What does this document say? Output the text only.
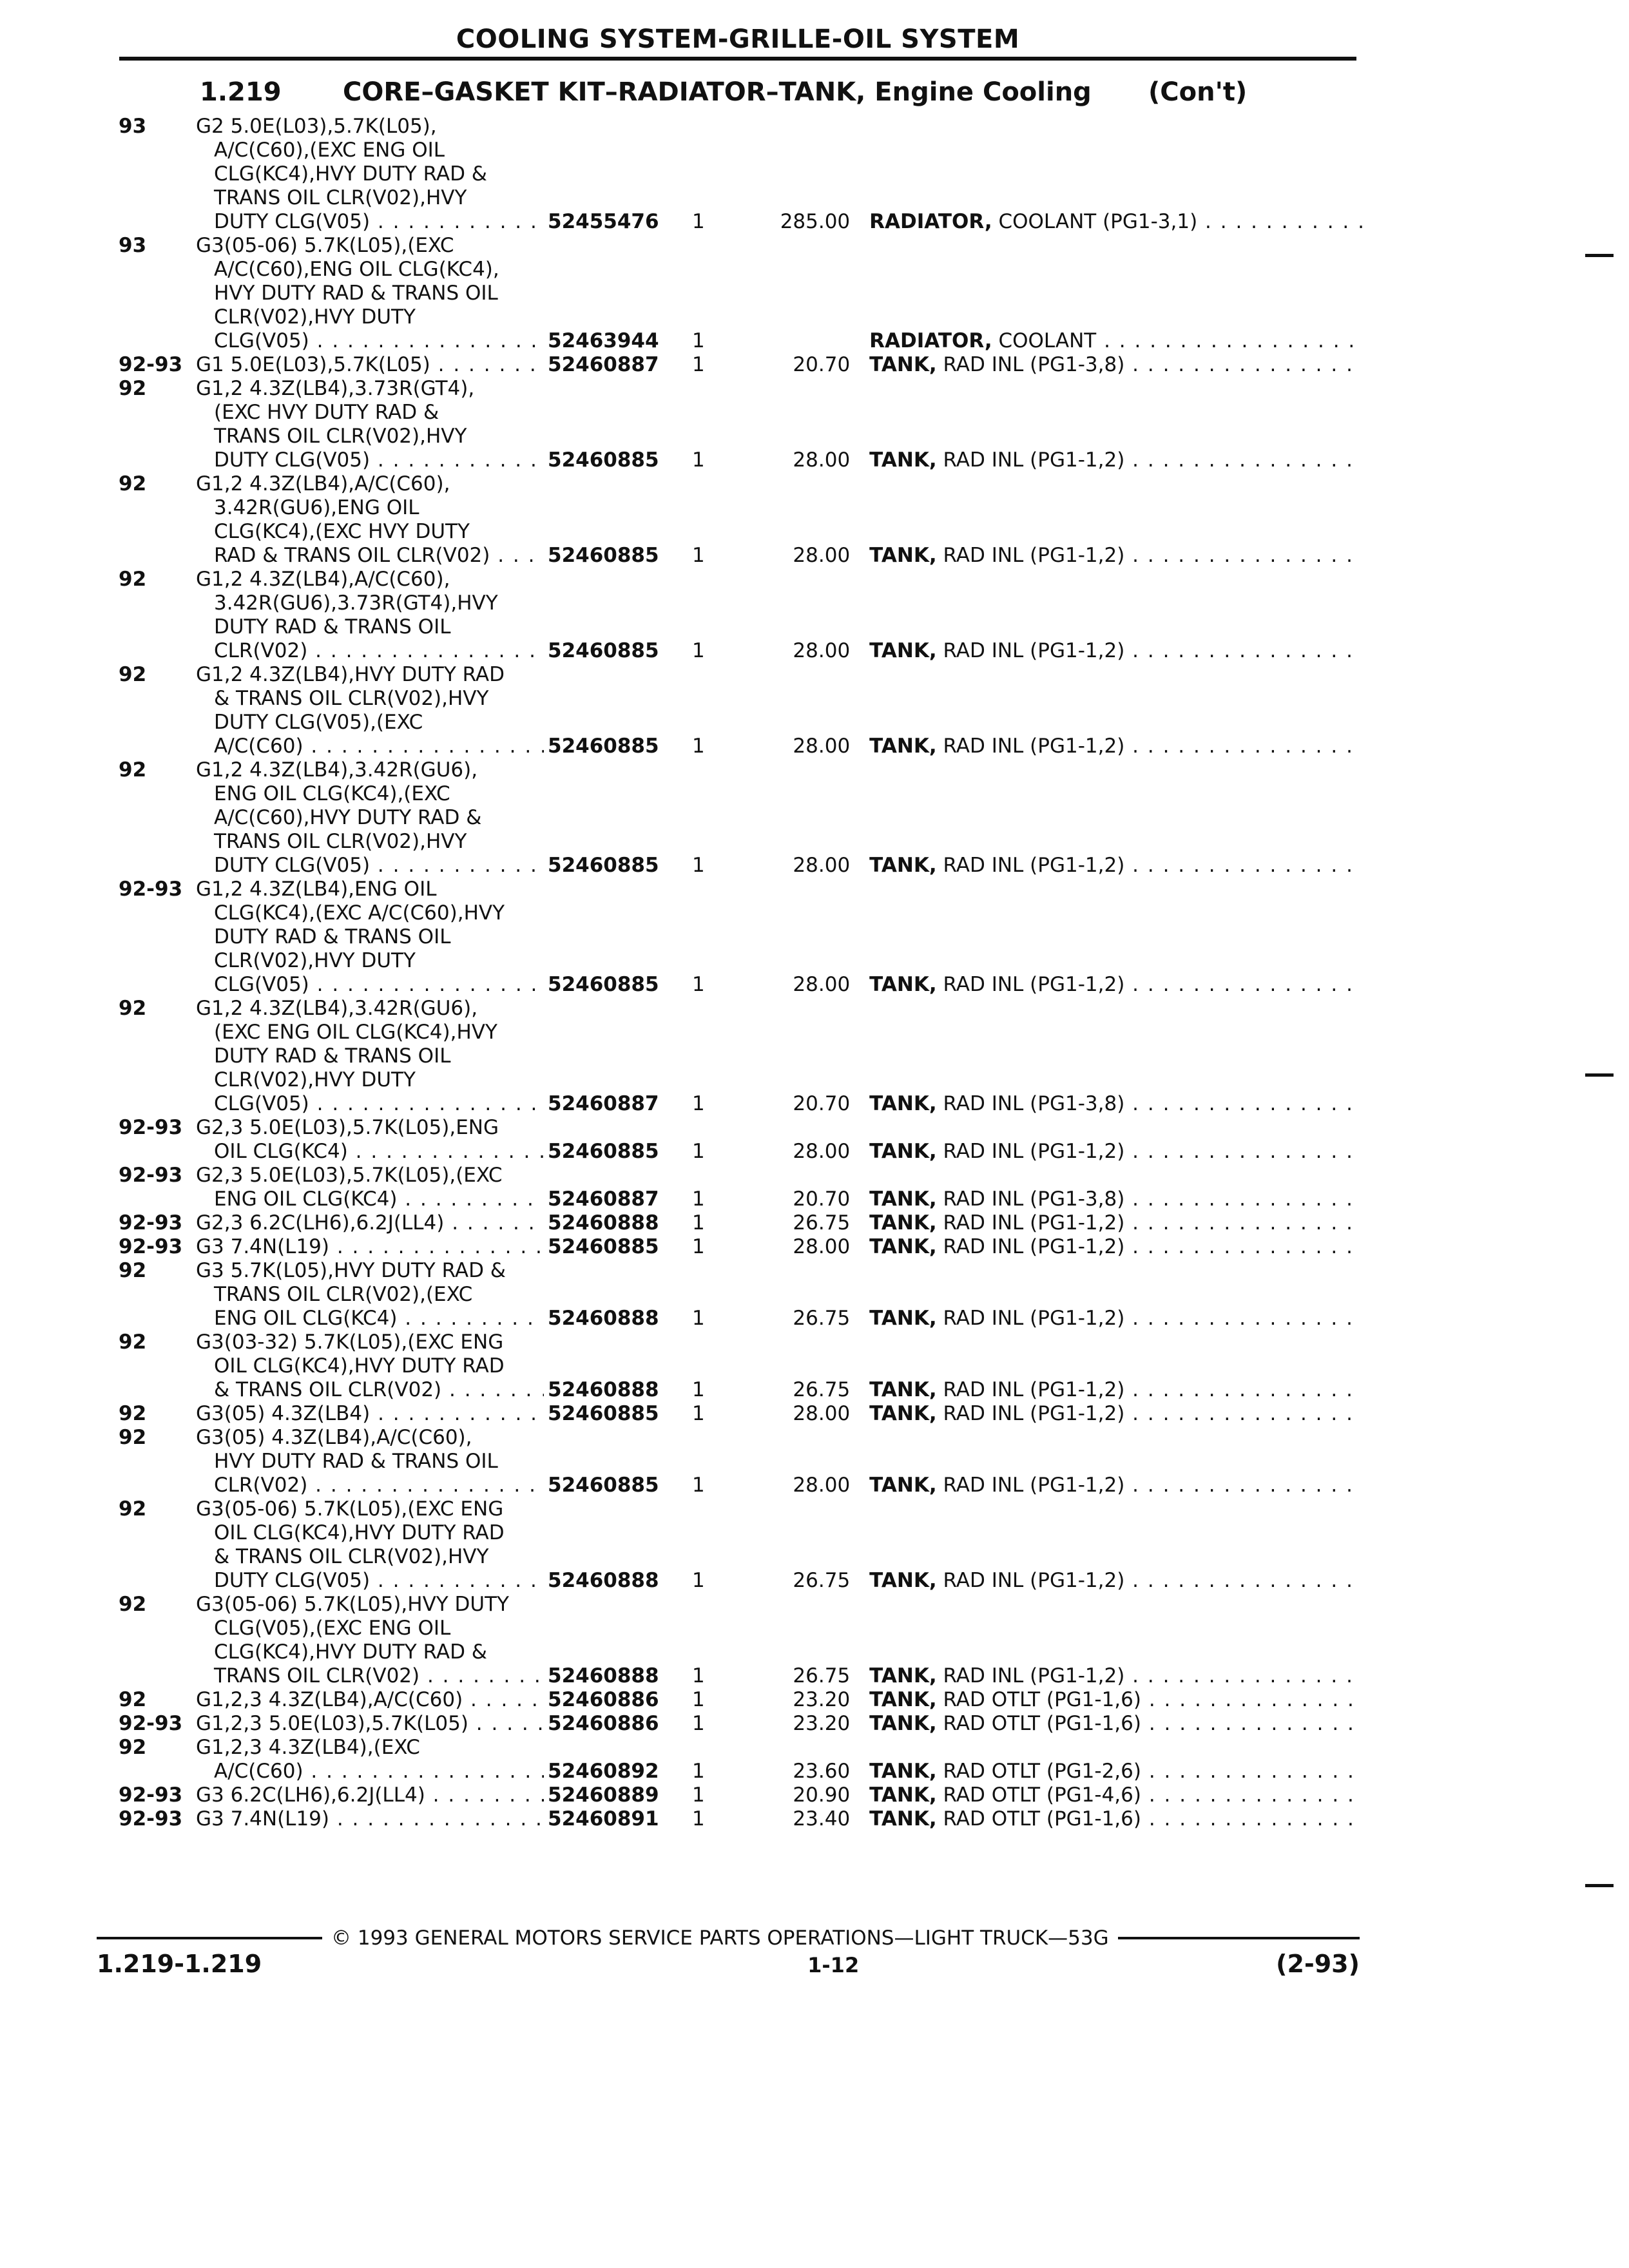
COOLING SYSTEM-GRILLE-OIL SYSTEM
1.219 CORE–GASKET KIT–RADIATOR–TANK, Engine Cooling (Con't)
93	G2 5.0E(L03),5.7K(L05),
A/C(C60),(EXC ENG OIL
CLG(KC4),HVY DUTY RAD &
TRANS OIL CLR(V02),HVY
DUTY CLG(V05) . . .	52455476	1	285.00 RADIATOR, COOLANT (PG1-3,1) . . .
93	G3(05-06) 5.7K(L05),(EXC
A/C(C60),ENG OIL CLG(KC4),
HVY DUTY RAD & TRANS OIL
CLR(V02),HVY DUTY
CLG(V05) . . .	52463944	1	RADIATOR, COOLANT . . .
92-93 G1 5.0E(L03),5.7K(L05) . . .	52460887	1	20.70 TANK, RAD INL (PG1-3,8) . . .
92	G1,2 4.3Z(LB4),3.73R(GT4),
(EXC HVY DUTY RAD &
TRANS OIL CLR(V02),HVY
DUTY CLG(V05) . . .	52460885	1	28.00 TANK, RAD INL (PG1-1,2) . . .
92	G1,2 4.3Z(LB4),A/C(C60),
3.42R(GU6),ENG OIL
CLG(KC4),(EXC HVY DUTY
RAD & TRANS OIL CLR(V02) . . .	52460885	1	28.00 TANK, RAD INL (PG1-1,2) . . .
92	G1,2 4.3Z(LB4),A/C(C60),
3.42R(GU6),3.73R(GT4),HVY
DUTY RAD & TRANS OIL
CLR(V02) . . .	52460885	1	28.00 TANK, RAD INL (PG1-1,2) . . .
92	G1,2 4.3Z(LB4),HVY DUTY RAD
& TRANS OIL CLR(V02),HVY
DUTY CLG(V05),(EXC
A/C(C60) . . .	52460885	1	28.00 TANK, RAD INL (PG1-1,2) . . .
92	G1,2 4.3Z(LB4),3.42R(GU6),
ENG OIL CLG(KC4),(EXC
A/C(C60),HVY DUTY RAD &
TRANS OIL CLR(V02),HVY
DUTY CLG(V05) . . .	52460885	1	28.00 TANK, RAD INL (PG1-1,2) . . .
92-93 G1,2 4.3Z(LB4),ENG OIL
CLG(KC4),(EXC A/C(C60),HVY
DUTY RAD & TRANS OIL
CLR(V02),HVY DUTY
CLG(V05) . . .	52460885	1	28.00 TANK, RAD INL (PG1-1,2) . . .
92	G1,2 4.3Z(LB4),3.42R(GU6),
(EXC ENG OIL CLG(KC4),HVY
DUTY RAD & TRANS OIL
CLR(V02),HVY DUTY
CLG(V05) . . .	52460887	1	20.70 TANK, RAD INL (PG1-3,8) . . .
92-93 G2,3 5.0E(L03),5.7K(L05),ENG
OIL CLG(KC4) . . .	52460885	1	28.00 TANK, RAD INL (PG1-1,2) . . .
92-93 G2,3 5.0E(L03),5.7K(L05),(EXC
ENG OIL CLG(KC4) . . .	52460887	1	20.70 TANK, RAD INL (PG1-3,8) . . .
92-93 G2,3 6.2C(LH6),6.2J(LL4) . . .	52460888	1	26.75 TANK, RAD INL (PG1-1,2) . . .
92-93 G3 7.4N(L19) . . .	52460885	1	28.00 TANK, RAD INL (PG1-1,2) . . .
92	G3 5.7K(L05),HVY DUTY RAD &
TRANS OIL CLR(V02),(EXC
ENG OIL CLG(KC4) . . .	52460888	1	26.75 TANK, RAD INL (PG1-1,2) . . .
92	G3(03-32) 5.7K(L05),(EXC ENG
OIL CLG(KC4),HVY DUTY RAD
& TRANS OIL CLR(V02) . . .	52460888	1	26.75 TANK, RAD INL (PG1-1,2) . . .
92	G3(05) 4.3Z(LB4) . . .	52460885	1	28.00 TANK, RAD INL (PG1-1,2) . . .
92	G3(05) 4.3Z(LB4),A/C(C60),
HVY DUTY RAD & TRANS OIL
CLR(V02) . . .	52460885	1	28.00 TANK, RAD INL (PG1-1,2) . . .
92	G3(05-06) 5.7K(L05),(EXC ENG
OIL CLG(KC4),HVY DUTY RAD
& TRANS OIL CLR(V02),HVY
DUTY CLG(V05) . . .	52460888	1	26.75 TANK, RAD INL (PG1-1,2) . . .
92	G3(05-06) 5.7K(L05),HVY DUTY
CLG(V05),(EXC ENG OIL
CLG(KC4),HVY DUTY RAD &
TRANS OIL CLR(V02) . . .	52460888	1	26.75 TANK, RAD INL (PG1-1,2) . . .
92	G1,2,3 4.3Z(LB4),A/C(C60) . . .	52460886	1	23.20 TANK, RAD OTLT (PG1-1,6) . . .
92-93 G1,2,3 5.0E(L03),5.7K(L05) . . .	52460886	1	23.20 TANK, RAD OTLT (PG1-1,6) . . .
92	G1,2,3 4.3Z(LB4),(EXC
A/C(C60) . . .	52460892	1	23.60 TANK, RAD OTLT (PG1-2,6) . . .
92-93 G3 6.2C(LH6),6.2J(LL4) . . .	52460889	1	20.90 TANK, RAD OTLT (PG1-4,6) . . .
92-93 G3 7.4N(L19) . . .	52460891	1	23.40 TANK, RAD OTLT (PG1-1,6) . . .
© 1993 GENERAL MOTORS SERVICE PARTS OPERATIONS—LIGHT TRUCK—53G
1.219-1.219	1-12	(2-93)
